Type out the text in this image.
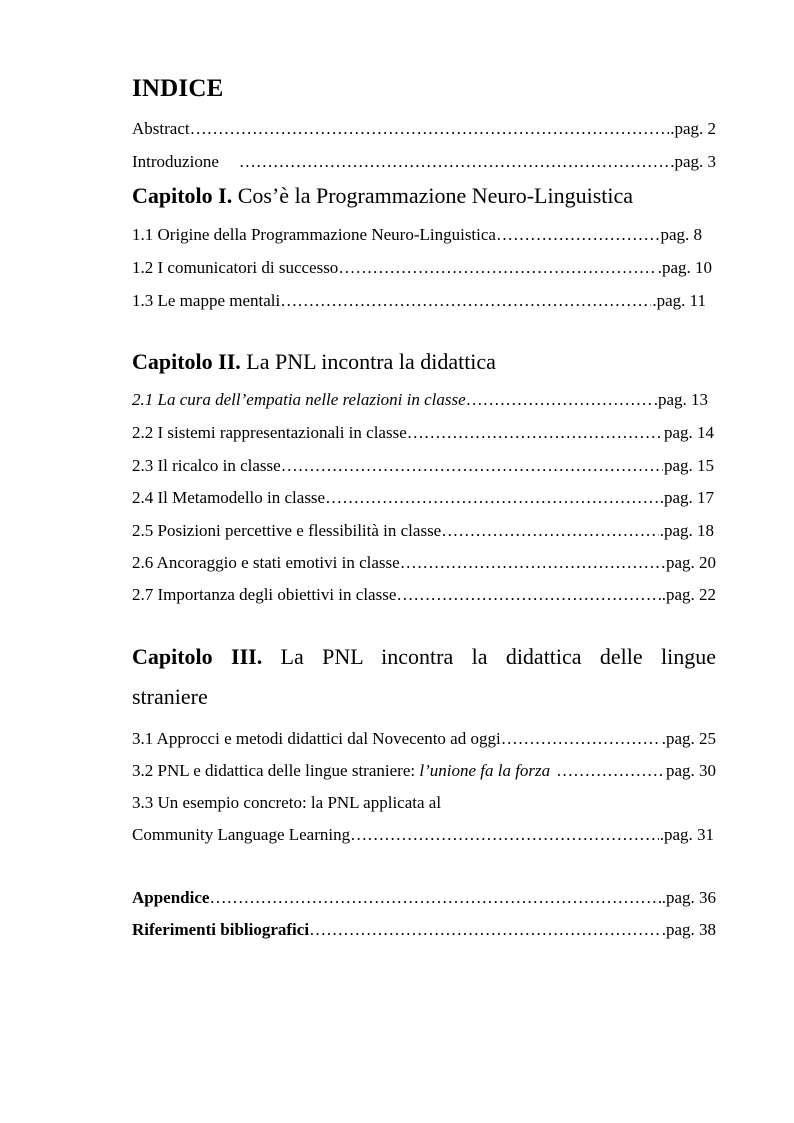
INDICE
Abstract	.pag. 2
……………………………………………………………………………………………………………………………………………………………………
Introduzione	.pag. 3
……………………………………………………………………………………………………………………………………………………………………
Capitolo I. Cos’è la Programmazione Neuro-Linguistica
1.1 Origine della Programmazione Neuro-Linguistica	pag. 8
……………………………………………………………………………………………………………………………………………………………………
1.2 I comunicatori di successo	.pag. 10
……………………………………………………………………………………………………………………………………………………………………
1.3 Le mappe mentali	.pag. 11
……………………………………………………………………………………………………………………………………………………………………
Capitolo II. La PNL incontra la didattica
2.1 La cura dell’empatia nelle relazioni in classe	.pag. 13
……………………………………………………………………………………………………………………………………………………………………
2.2 I sistemi rappresentazionali in classe	pag. 14
……………………………………………………………………………………………………………………………………………………………………
2.3 Il ricalco in classe	pag. 15
……………………………………………………………………………………………………………………………………………………………………
2.4 Il Metamodello in classe	.pag. 17
……………………………………………………………………………………………………………………………………………………………………
2.5 Posizioni percettive e flessibilità in classe	.pag. 18
……………………………………………………………………………………………………………………………………………………………………
2.6 Ancoraggio e stati emotivi in classe	pag. 20
……………………………………………………………………………………………………………………………………………………………………
2.7 Importanza degli obiettivi in classe	.pag. 22
……………………………………………………………………………………………………………………………………………………………………
Capitolo III. La PNL incontra la didattica delle lingue
straniere
3.1 Approcci e metodi didattici dal Novecento ad oggi	.pag. 25
……………………………………………………………………………………………………………………………………………………………………
3.2 PNL e didattica delle lingue straniere: l’unione fa la forza	pag. 30
……………………………………………………………………………………………………………………………………………………………………
3.3 Un esempio concreto: la PNL applicata al
Community Language Learning	.pag. 31
……………………………………………………………………………………………………………………………………………………………………
Appendice	.pag. 36
……………………………………………………………………………………………………………………………………………………………………
Riferimenti bibliografici	.pag. 38
……………………………………………………………………………………………………………………………………………………………………
